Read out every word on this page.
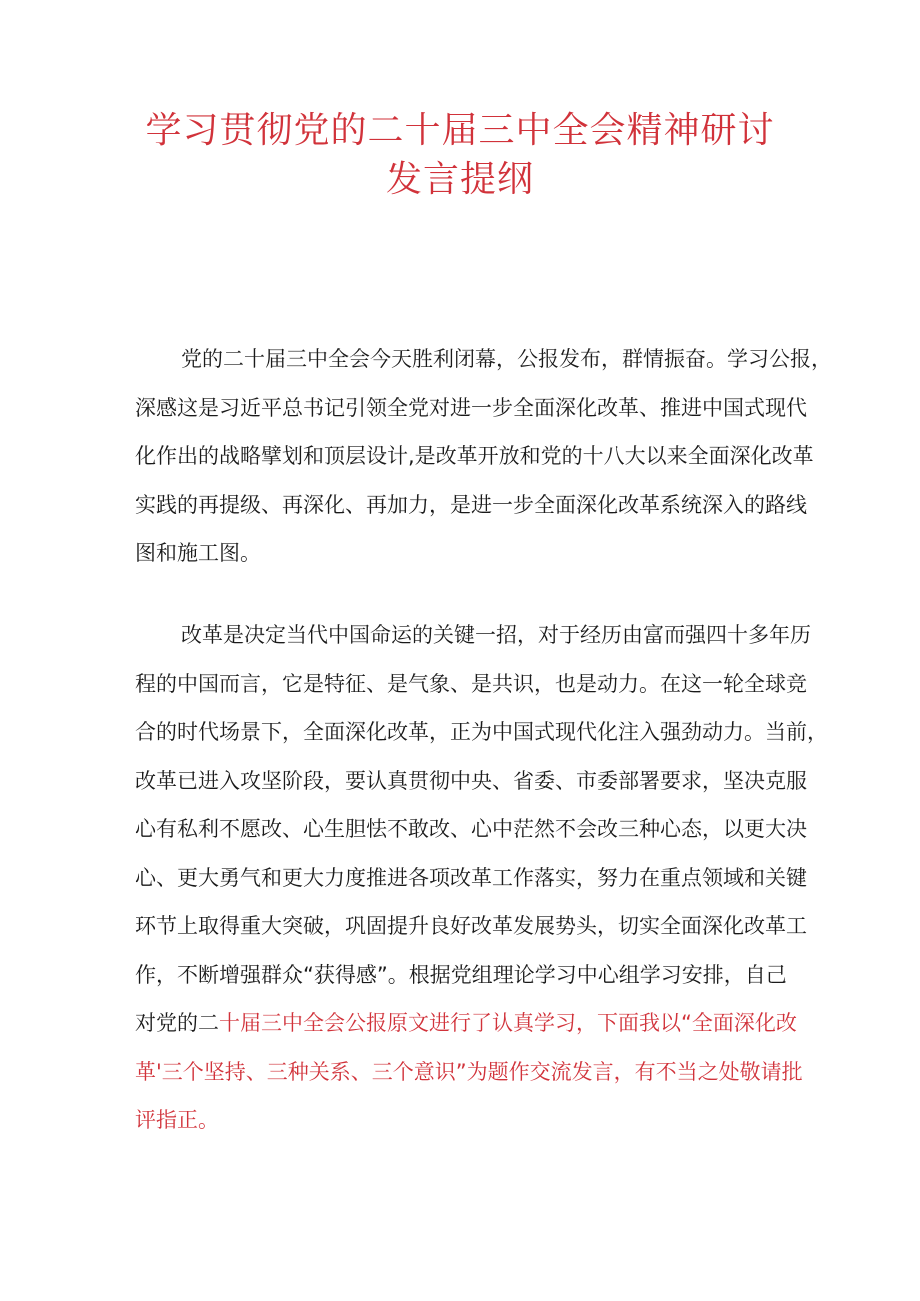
学习贯彻党的二十届三中全会精神研讨
发言提纲
党的二十届三中全会今天胜利闭幕，公报发布，群情振奋。学习公报，
深感这是习近平总书记引领全党对进一步全面深化改革、推进中国式现代
化作出的战略擘划和顶层设计,是改革开放和党的十八大以来全面深化改革
实践的再提级、再深化、再加力，是进一步全面深化改革系统深入的路线
图和施工图。
改革是决定当代中国命运的关键一招，对于经历由富而强四十多年历
程的中国而言，它是特征、是气象、是共识，也是动力。在这一轮全球竞
合的时代场景下，全面深化改革，正为中国式现代化注入强劲动力。当前，
改革已进入攻坚阶段，要认真贯彻中央、省委、市委部署要求，坚决克服
心有私利不愿改、心生胆怯不敢改、心中茫然不会改三种心态，以更大决
心、更大勇气和更大力度推进各项改革工作落实，努力在重点领域和关键
环节上取得重大突破，巩固提升良好改革发展势头，切实全面深化改革工
作，不断增强群众“获得感”。根据党组理论学习中心组学习安排，自己
对党的二十届三中全会公报原文进行了认真学习，下面我以“全面深化改
革'三个坚持、三种关系、三个意识”为题作交流发言，有不当之处敬请批
评指正。
